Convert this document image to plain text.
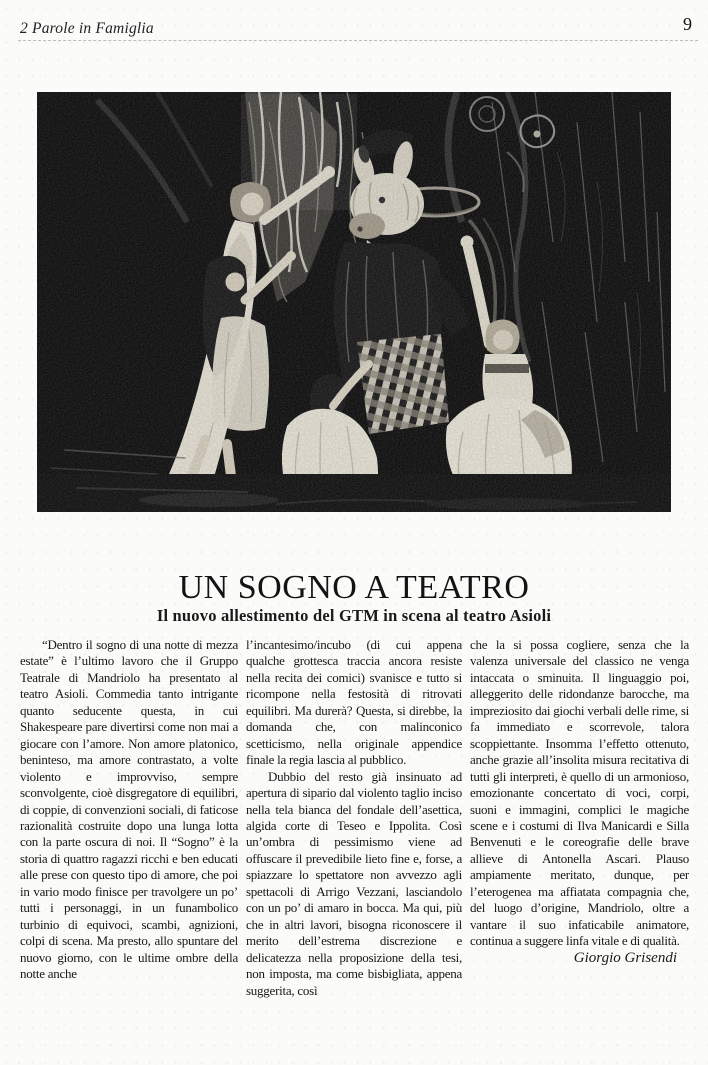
2 Parole in Famiglia	9
UN SOGNO A TEATRO
Il nuovo allestimento del GTM in scena al teatro Asioli

“Dentro il sogno di una notte di mezza estate” è l’ultimo lavoro che il Gruppo Teatrale di Mandriolo ha presentato al teatro Asioli. Commedia tanto intrigante quanto seducente questa, in cui Shakespeare pare divertirsi come non mai a giocare con l’amore. Non amore platonico, beninteso, ma amore contrastato, a volte violento e improvviso, sempre sconvolgente, cioè disgregatore di equilibri, di coppie, di convenzioni sociali, di faticose razionalità costruite dopo una lunga lotta con la parte oscura di noi. Il “Sogno” è la storia di quattro ragazzi ricchi e ben educati alle prese con questo tipo di amore, che poi in vario modo finisce per travolgere un po’ tutti i personaggi, in un funambolico turbinio di equivoci, scambi, agnizioni, colpi di scena. Ma presto, allo spuntare del nuovo giorno, con le ultime ombre della notte anche

l’incantesimo/incubo (di cui appena qualche grottesca traccia ancora resiste nella recita dei comici) svanisce e tutto si ricompone nella festosità di ritrovati equilibri. Ma durerà? Questa, si direbbe, la domanda che, con malinconico scetticismo, nella originale appendice finale la regia lascia al pubblico.

Dubbio del resto già insinuato ad apertura di sipario dal violento taglio inciso nella tela bianca del fondale dell’asettica, algida corte di Teseo e Ippolita. Così un’ombra di pessimismo viene ad offuscare il prevedibile lieto fine e, forse, a spiazzare lo spettatore non avvezzo agli spettacoli di Arrigo Vezzani, lasciandolo con un po’ di amaro in bocca. Ma qui, più che in altri lavori, bisogna riconoscere il merito dell’estrema discrezione e delicatezza nella proposizione della tesi, non imposta, ma come bisbigliata, appena suggerita, così

che la si possa cogliere, senza che la valenza universale del classico ne venga intaccata o sminuita. Il linguaggio poi, alleggerito delle ridondanze barocche, ma impreziosito dai giochi verbali delle rime, si fa immediato e scorrevole, talora scoppiettante. Insomma l’effetto ottenuto, anche grazie all’insolita misura recitativa di tutti gli interpreti, è quello di un armonioso, emozionante concertato di voci, corpi, suoni e immagini, complici le magiche scene e i costumi di Ilva Manicardi e Silla Benvenuti e le coreografie delle brave allieve di Antonella Ascari. Plauso ampiamente meritato, dunque, per l’eterogenea ma affiatata compagnia che, del luogo d’origine, Mandriolo, oltre a vantare il suo infaticabile animatore, continua a suggere linfa vitale e di qualità.

Giorgio Grisendi
